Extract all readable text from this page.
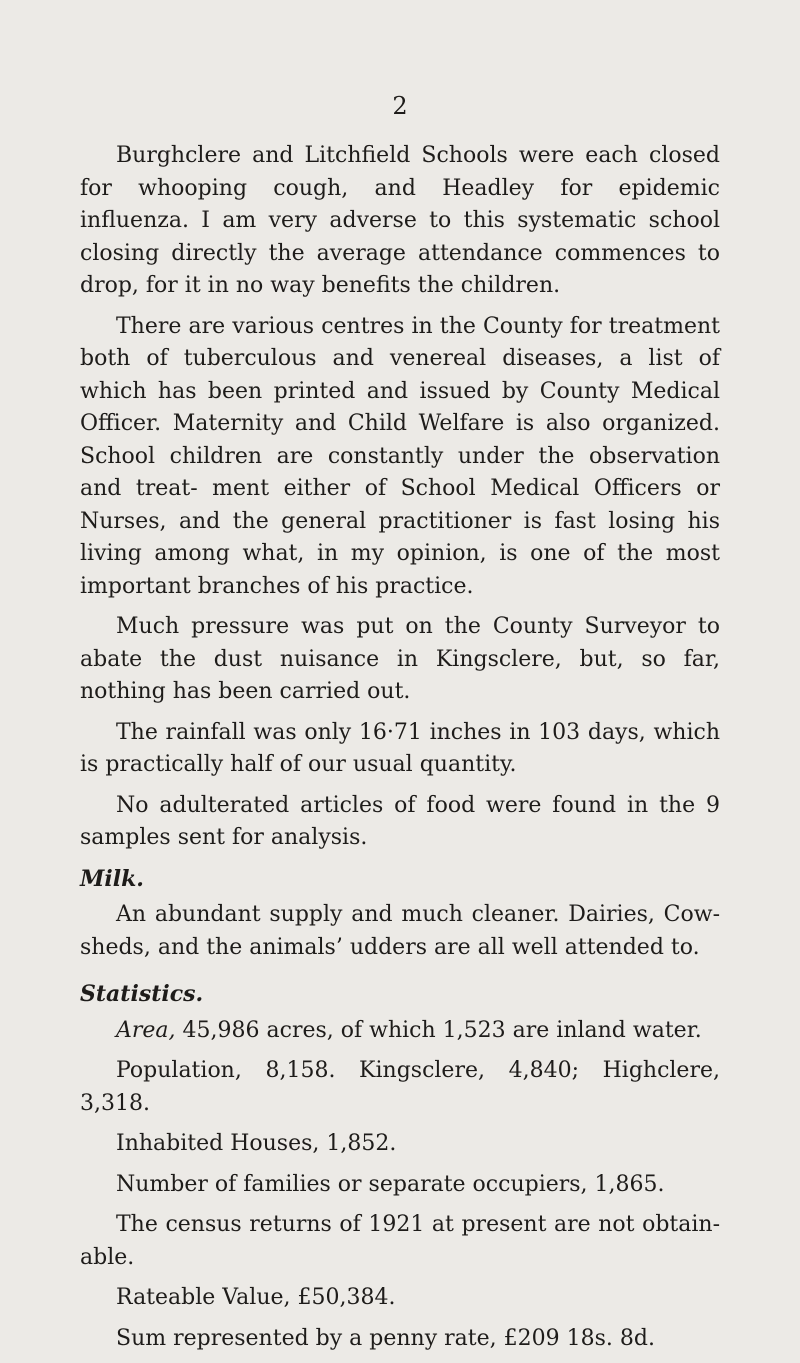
2

Burghclere and Litchfield Schools were each closed for whooping cough, and Headley for epidemic influenza. I am very adverse to this systematic school closing directly the average attendance commences to drop, for it in no way benefits the children.

There are various centres in the County for treatment both of tuberculous and venereal diseases, a list of which has been printed and issued by County Medical Officer. Maternity and Child Welfare is also organized. School children are constantly under the observation and treat- ment either of School Medical Officers or Nurses, and the general practitioner is fast losing his living among what, in my opinion, is one of the most important branches of his practice.

Much pressure was put on the County Surveyor to abate the dust nuisance in Kingsclere, but, so far, nothing has been carried out.

The rainfall was only 16·71 inches in 103 days, which is practically half of our usual quantity.

No adulterated articles of food were found in the 9 samples sent for analysis.

Milk.

An abundant supply and much cleaner. Dairies, Cow- sheds, and the animals’ udders are all well attended to.

Statistics.

Area, 45,986 acres, of which 1,523 are inland water.

Population, 8,158. Kingsclere, 4,840; Highclere, 3,318.

Inhabited Houses, 1,852.

Number of families or separate occupiers, 1,865.

The census returns of 1921 at present are not obtain- able.

Rateable Value, £50,384.

Sum represented by a penny rate, £209 18s. 8d.
